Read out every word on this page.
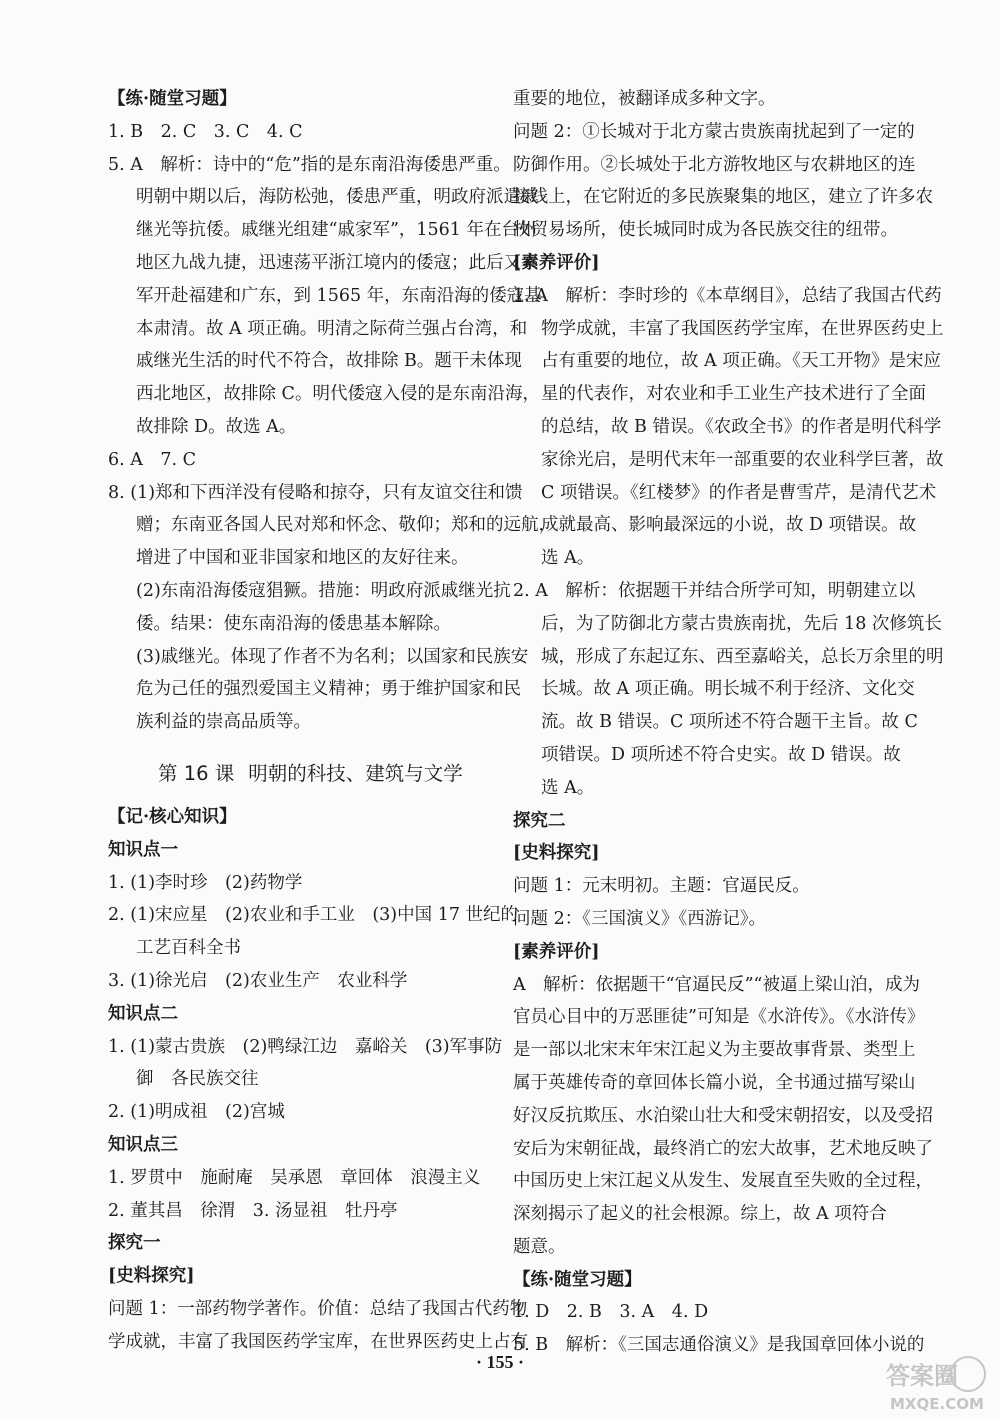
【练·随堂习题】
1. B　2. C　3. C　4. C
5. A　解析：诗中的“危”指的是东南沿海倭患严重。
明朝中期以后，海防松弛，倭患严重，明政府派遣戚
继光等抗倭。戚继光组建“戚家军”，1561 年在台州
地区九战九捷，迅速荡平浙江境内的倭寇；此后又率
军开赴福建和广东，到 1565 年，东南沿海的倭寇基
本肃清。故 A 项正确。明清之际荷兰强占台湾，和
戚继光生活的时代不符合，故排除 B。题干未体现
西北地区，故排除 C。明代倭寇入侵的是东南沿海，
故排除 D。故选 A。
6. A　7. C
8. (1)郑和下西洋没有侵略和掠夺，只有友谊交往和馈
赠；东南亚各国人民对郑和怀念、敬仰；郑和的远航，
增进了中国和亚非国家和地区的友好往来。
(2)东南沿海倭寇猖獗。措施：明政府派戚继光抗
倭。结果：使东南沿海的倭患基本解除。
(3)戚继光。体现了作者不为名利；以国家和民族安
危为己任的强烈爱国主义精神；勇于维护国家和民
族利益的崇高品质等。
第 16 课 明朝的科技、建筑与文学
【记·核心知识】
知识点一
1. (1)李时珍　(2)药物学
2. (1)宋应星　(2)农业和手工业　(3)中国 17 世纪的
工艺百科全书
3. (1)徐光启　(2)农业生产　农业科学
知识点二
1. (1)蒙古贵族　(2)鸭绿江边　嘉峪关　(3)军事防
御　各民族交往
2. (1)明成祖　(2)宫城
知识点三
1. 罗贯中　施耐庵　吴承恩　章回体　浪漫主义
2. 董其昌　徐渭　3. 汤显祖　牡丹亭
探究一
[史料探究]
问题 1：一部药物学著作。价值：总结了我国古代药物
学成就，丰富了我国医药学宝库，在世界医药史上占有
重要的地位，被翻译成多种文字。
问题 2：①长城对于北方蒙古贵族南扰起到了一定的
防御作用。②长城处于北方游牧地区与农耕地区的连
接线上，在它附近的多民族聚集的地区，建立了许多农
牧贸易场所，使长城同时成为各民族交往的纽带。
[素养评价]
1. A　解析：李时珍的《本草纲目》，总结了我国古代药
物学成就，丰富了我国医药学宝库，在世界医药史上
占有重要的地位，故 A 项正确。《天工开物》是宋应
星的代表作，对农业和手工业生产技术进行了全面
的总结，故 B 错误。《农政全书》的作者是明代科学
家徐光启，是明代末年一部重要的农业科学巨著，故
C 项错误。《红楼梦》的作者是曹雪芹，是清代艺术
成就最高、影响最深远的小说，故 D 项错误。故
选 A。
2. A　解析：依据题干并结合所学可知，明朝建立以
后，为了防御北方蒙古贵族南扰，先后 18 次修筑长
城，形成了东起辽东、西至嘉峪关，总长万余里的明
长城。故 A 项正确。明长城不利于经济、文化交
流。故 B 错误。C 项所述不符合题干主旨。故 C
项错误。D 项所述不符合史实。故 D 错误。故
选 A。
探究二
[史料探究]
问题 1：元末明初。主题：官逼民反。
问题 2：《三国演义》《西游记》。
[素养评价]
A　解析：依据题干“官逼民反”“被逼上梁山泊，成为
官员心目中的万恶匪徒”可知是《水浒传》。《水浒传》
是一部以北宋末年宋江起义为主要故事背景、类型上
属于英雄传奇的章回体长篇小说，全书通过描写梁山
好汉反抗欺压、水泊梁山壮大和受宋朝招安，以及受招
安后为宋朝征战，最终消亡的宏大故事，艺术地反映了
中国历史上宋江起义从发生、发展直至失败的全过程，
深刻揭示了起义的社会根源。综上，故 A 项符合
题意。
【练·随堂习题】
1. D　2. B　3. A　4. D
5. B　解析：《三国志通俗演义》是我国章回体小说的
· 155 ·	答案圈
MXQE.COM
